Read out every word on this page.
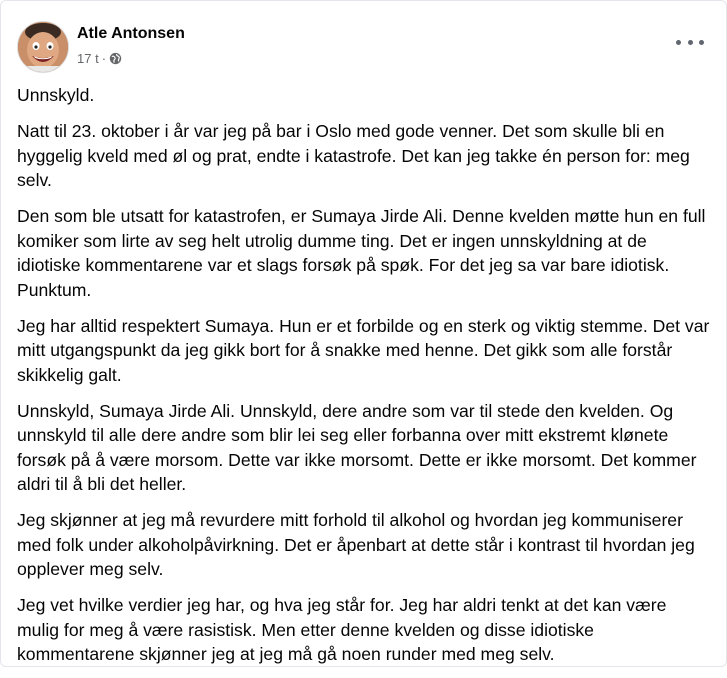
Atle Antonsen
17 t ·

Unnskyld.

Natt til 23. oktober i år var jeg på bar i Oslo med gode venner. Det som skulle bli en hyggelig kveld med øl og prat, endte i katastrofe. Det kan jeg takke én person for: meg selv.

Den som ble utsatt for katastrofen, er Sumaya Jirde Ali. Denne kvelden møtte hun en full komiker som lirte av seg helt utrolig dumme ting. Det er ingen unnskyldning at de idiotiske kommentarene var et slags forsøk på spøk. For det jeg sa var bare idiotisk. Punktum.

Jeg har alltid respektert Sumaya. Hun er et forbilde og en sterk og viktig stemme. Det var mitt utgangspunkt da jeg gikk bort for å snakke med henne. Det gikk som alle forstår skikkelig galt.

Unnskyld, Sumaya Jirde Ali. Unnskyld, dere andre som var til stede den kvelden. Og unnskyld til alle dere andre som blir lei seg eller forbanna over mitt ekstremt klønete forsøk på å være morsom. Dette var ikke morsomt. Dette er ikke morsomt. Det kommer aldri til å bli det heller.

Jeg skjønner at jeg må revurdere mitt forhold til alkohol og hvordan jeg kommuniserer med folk under alkoholpåvirkning. Det er åpenbart at dette står i kontrast til hvordan jeg opplever meg selv.

Jeg vet hvilke verdier jeg har, og hva jeg står for. Jeg har aldri tenkt at det kan være mulig for meg å være rasistisk. Men etter denne kvelden og disse idiotiske kommentarene skjønner jeg at jeg må gå noen runder med meg selv.
